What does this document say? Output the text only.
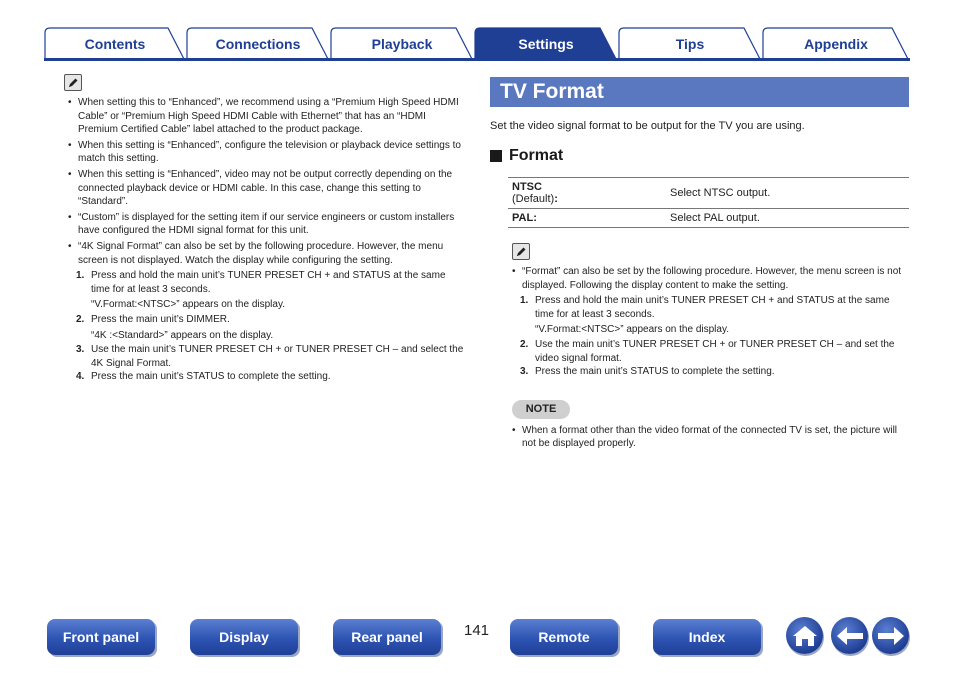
Contents	Connections	Playback	Settings	Tips	Appendix
• When setting this to “Enhanced”, we recommend using a “Premium High Speed HDMI Cable” or “Premium High Speed HDMI Cable with Ethernet” that has an “HDMI Premium Certified Cable” label attached to the product package.
• When this setting is “Enhanced”, configure the television or playback device settings to match this setting.
• When this setting is “Enhanced”, video may not be output correctly depending on the connected playback device or HDMI cable. In this case, change this setting to “Standard”.
• “Custom” is displayed for the setting item if our service engineers or custom installers have configured the HDMI signal format for this unit.
• “4K Signal Format” can also be set by the following procedure. However, the menu screen is not displayed. Watch the display while configuring the setting.
1. Press and hold the main unit’s TUNER PRESET CH + and STATUS at the same time for at least 3 seconds.
“V.Format:<NTSC>” appears on the display.
2. Press the main unit’s DIMMER.
“4K :<Standard>” appears on the display.
3. Use the main unit’s TUNER PRESET CH + or TUNER PRESET CH – and select the 4K Signal Format.
4. Press the main unit’s STATUS to complete the setting.
TV Format

Set the video signal format to be output for the TV you are using.

Format
NTSC
(Default):	Select NTSC output.
PAL:	Select PAL output.
• “Format” can also be set by the following procedure. However, the menu screen is not displayed. Following the display content to make the setting.
1. Press and hold the main unit’s TUNER PRESET CH + and STATUS at the same time for at least 3 seconds.
“V.Format:<NTSC>” appears on the display.
2. Use the main unit’s TUNER PRESET CH + or TUNER PRESET CH – and set the video signal format.
3. Press the main unit’s STATUS to complete the setting.
NOTE
• When a format other than the video format of the connected TV is set, the picture will not be displayed properly.
Front panel	Display	Rear panel	141	Remote	Index
